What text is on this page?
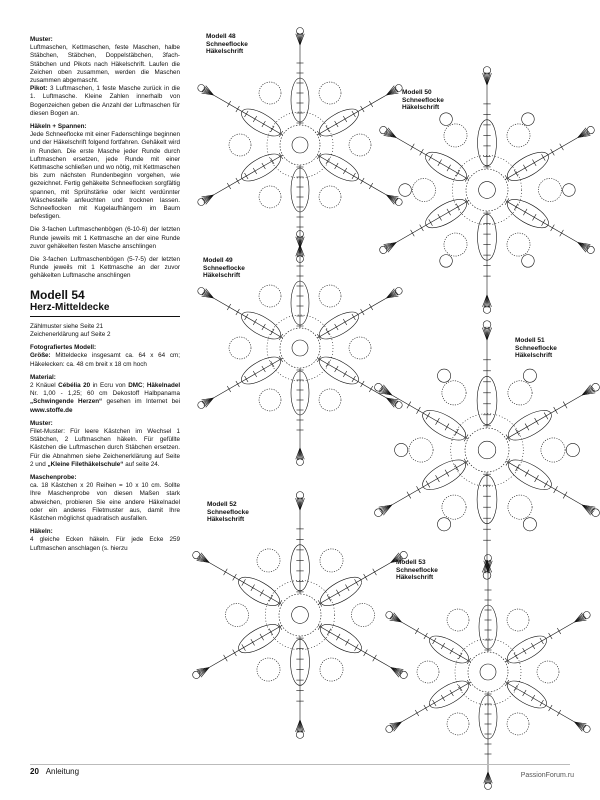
Muster:
Luftmaschen, Kettmaschen, feste Maschen, halbe Stäbchen, Stäbchen, Doppelstäbchen, 3fach-Stäbchen und Pikots nach Häkelschrift. Laufen die Zeichen oben zusammen, werden die Maschen zusammen abgemascht.
Pikot: 3 Luftmaschen, 1 feste Masche zurück in die 1. Luftmasche. Kleine Zahlen innerhalb von Bogenzeichen geben die Anzahl der Luftmaschen für diesen Bogen an.

Häkeln + Spannen:
Jede Schneeflocke mit einer Fadenschlinge beginnen und der Häkelschrift folgend fortfahren. Gehäkelt wird in Runden. Die erste Masche jeder Runde durch Luftmaschen ersetzen, jede Runde mit einer Kettmasche schließen und wo nötig, mit Kettmaschen bis zum nächsten Rundenbeginn vorgehen, wie gezeichnet. Fertig gehäkelte Schneeflocken sorgfältig spannen, mit Sprühstärke oder leicht verdünnter Wäschesteife anfeuchten und trocknen lassen. Schneeflocken mit Kugelaufhängern im Baum befestigen.

Die 3-fachen Luftmaschenbögen (6-10-6) der letzten Runde jeweils mit 1 Kettmasche an der eine Runde zuvor gehäkelten festen Masche anschlingen

Die 3-fachen Luftmaschenbögen (5-7-5) der letzten Runde jeweils mit 1 Kettmasche an der zuvor gehäkelten Luftmasche anschlingen

Modell 54
Herz-Mitteldecke

Zählmuster siehe Seite 21
Zeichenerklärung auf Seite 2

Fotografiertes Modell:
Größe: Mitteldecke insgesamt ca. 64 x 64 cm; Häkelecken: ca. 48 cm breit x 18 cm hoch

Material:
2 Knäuel Cébélia 20 in Ecru von DMC; Häkelnadel Nr. 1,00 - 1,25; 60 cm Dekostoff Halbpanama „Schwingende Herzen“ gesehen im Internet bei www.stoffe.de

Muster:
Filet-Muster: Für leere Kästchen im Wechsel 1 Stäbchen, 2 Luftmaschen häkeln. Für gefüllte Kästchen die Luftmaschen durch Stäbchen ersetzen. Für die Abnahmen siehe Zeichenerklärung auf Seite 2 und „Kleine Filethäkelschule“ auf seite 24.

Maschenprobe:
ca. 18 Kästchen x 20 Reihen = 10 x 10 cm. Sollte Ihre Maschenprobe von diesen Maßen stark abweichen, probieren Sie eine andere Häkelnadel oder ein anderes Filetmuster aus, damit Ihre Kästchen möglichst quadratisch ausfallen.

Häkeln:
4 gleiche Ecken häkeln. Für jede Ecke 259 Luftmaschen anschlagen (s. hierzu

Modell 48
Schneeflocke
Häkelschrift
Modell 50
Schneeflocke
Häkelschrift
Modell 49
Schneeflocke
Häkelschrift
Modell 51
Schneeflocke
Häkelschrift
Modell 52
Schneeflocke
Häkelschrift
Modell 53
Schneeflocke
Häkelschrift
20 Anleitung	PassionForum.ru
